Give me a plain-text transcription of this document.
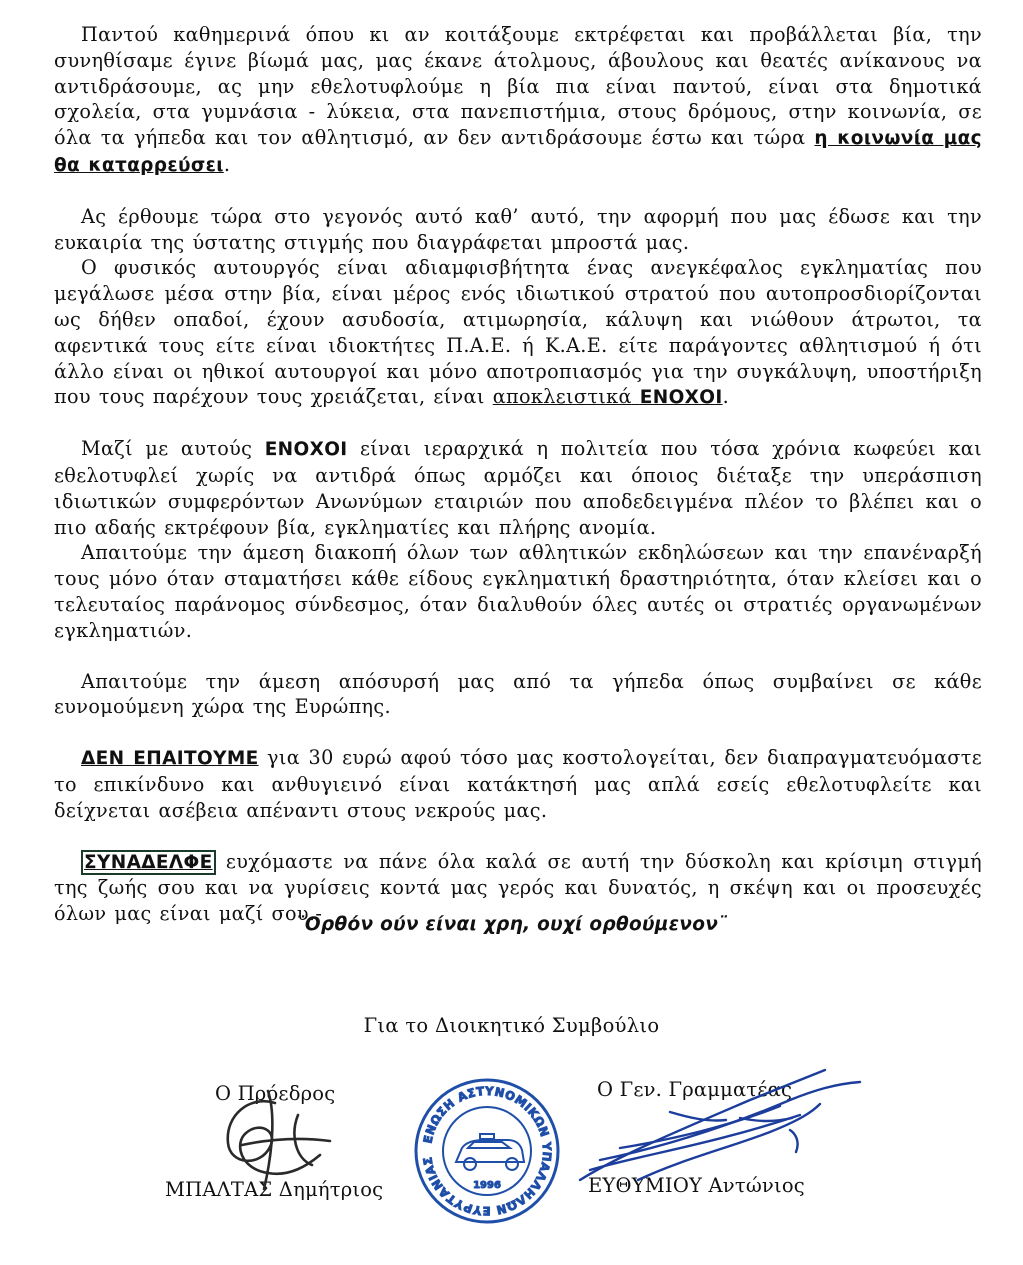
Παντού καθημερινά όπου κι αν κοιτάξουμε εκτρέφεται και προβάλλεται βία, την συνηθίσαμε έγινε βίωμά μας, μας έκανε άτολμους, άβουλους και θεατές ανίκανους να αντιδράσουμε, ας μην εθελοτυφλούμε η βία πια είναι παντού, είναι στα δημοτικά σχολεία, στα γυμνάσια - λύκεια, στα πανεπιστήμια, στους δρόμους, στην κοινωνία, σε όλα τα γήπεδα και τον αθλητισμό, αν δεν αντιδράσουμε έστω και τώρα η κοινωνία μας θα καταρρεύσει.

Ας έρθουμε τώρα στο γεγονός αυτό καθ’ αυτό, την αφορμή που μας έδωσε και την ευκαιρία της ύστατης στιγμής που διαγράφεται μπροστά μας.

Ο φυσικός αυτουργός είναι αδιαμφισβήτητα ένας ανεγκέφαλος εγκληματίας που μεγάλωσε μέσα στην βία, είναι μέρος ενός ιδιωτικού στρατού που αυτοπροσδιορίζονται ως δήθεν οπαδοί, έχουν ασυδοσία, ατιμωρησία, κάλυψη και νιώθουν άτρωτοι, τα αφεντικά τους είτε είναι ιδιοκτήτες Π.Α.Ε. ή Κ.Α.Ε. είτε παράγοντες αθλητισμού ή ότι άλλο είναι οι ηθικοί αυτουργοί και μόνο αποτροπιασμός για την συγκάλυψη, υποστήριξη που τους παρέχουν τους χρειάζεται, είναι αποκλειστικά ΕΝΟΧΟΙ.

Μαζί με αυτούς ΕΝΟΧΟΙ είναι ιεραρχικά η πολιτεία που τόσα χρόνια κωφεύει και εθελοτυφλεί χωρίς να αντιδρά όπως αρμόζει και όποιος διέταξε την υπεράσπιση ιδιωτικών συμφερόντων Ανωνύμων εταιριών που αποδεδειγμένα πλέον το βλέπει και ο πιο αδαής εκτρέφουν βία, εγκληματίες και πλήρης ανομία.

Απαιτούμε την άμεση διακοπή όλων των αθλητικών εκδηλώσεων και την επανέναρξή τους μόνο όταν σταματήσει κάθε είδους εγκληματική δραστηριότητα, όταν κλείσει και ο τελευταίος παράνομος σύνδεσμος, όταν διαλυθούν όλες αυτές οι στρατιές οργανωμένων εγκληματιών.

Απαιτούμε την άμεση απόσυρσή μας από τα γήπεδα όπως συμβαίνει σε κάθε ευνομούμενη χώρα της Ευρώπης.

ΔΕΝ ΕΠΑΙΤΟΥΜΕ για 30 ευρώ αφού τόσο μας κοστολογείται, δεν διαπραγματευόμαστε το επικίνδυνο και ανθυγιεινό είναι κατάκτησή μας απλά εσείς εθελοτυφλείτε και δείχνεται ασέβεια απέναντι στους νεκρούς μας.

ΣΥΝΑΔΕΛΦΕ ευχόμαστε να πάνε όλα καλά σε αυτή την δύσκολη και κρίσιμη στιγμή της ζωής σου και να γυρίσεις κοντά μας γερός και δυνατός, η σκέψη και οι προσευχές όλων μας είναι μαζί σου.-

¨Ορθόν ούν είναι χρη, ουχί ορθούμενον¨
Για το Διοικητικό Συμβούλιο
Ο Πρόεδρος	Ο Γεν. Γραμματέας
ΜΠΑΛΤΑΣ Δημήτριος	ΕΥΘΥΜΙΟΥ Αντώνιος
ΕΝΩΣΗ ΑΣΤΥΝΟΜΙΚΩΝ ΥΠΑΛΛΗΛΩΝ ΕΥΡΥΤΑΝΙΑΣ
1996
